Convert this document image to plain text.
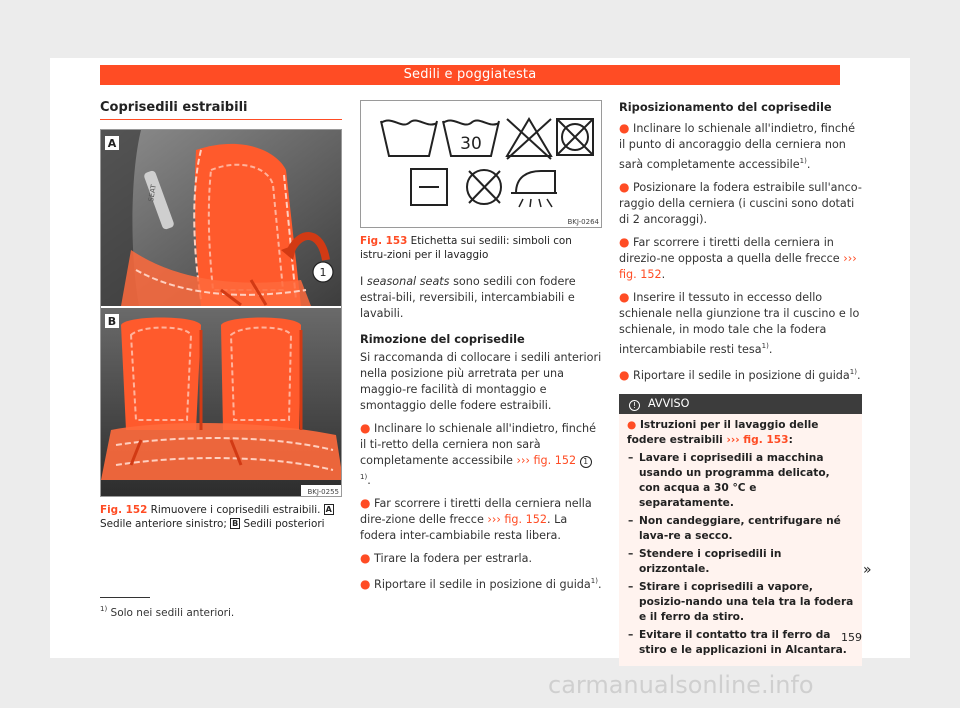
Sedili e poggiatesta
Coprisedili estraibili
SEAT
1
A
B
BKJ-0255
Fig. 152 Rimuovere i coprisedili estraibili. A Sedile anteriore sinistro; B Sedili posteriori
30
BKJ-0264
Fig. 153 Etichetta sui sedili: simboli con istru-zioni per il lavaggio
I seasonal seats sono sedili con fodere estrai-bili, reversibili, intercambiabili e lavabili.
Rimozione del coprisedile
Si raccomanda di collocare i sedili anteriori nella posizione più arretrata per una maggio-re facilità di montaggio e smontaggio delle fodere estraibili.
● Inclinare lo schienale all'indietro, finché il ti-retto della cerniera non sarà completamente accessibile ››› fig. 152 1$^{1)}$.
● Far scorrere i tiretti della cerniera nella dire-zione delle frecce ››› fig. 152. La fodera inter-cambiabile resta libera.
● Tirare la fodera per estrarla.
● Riportare il sedile in posizione di guida$^{1)}$.
Riposizionamento del coprisedile
● Inclinare lo schienale all'indietro, finché il punto di ancoraggio della cerniera non sarà completamente accessibile$^{1)}$.
● Posizionare la fodera estraibile sull'anco-raggio della cerniera (i cuscini sono dotati di 2 ancoraggi).
● Far scorrere i tiretti della cerniera in direzio-ne opposta a quella delle frecce ››› fig. 152.
● Inserire il tessuto in eccesso dello schienale nella giunzione tra il cuscino e lo schienale, in modo tale che la fodera intercambiabile resti tesa$^{1)}$.
● Riportare il sedile in posizione di guida$^{1)}$.
! AVVISO
● Istruzioni per il lavaggio delle fodere estraibili ››› fig. 153:
– Lavare i coprisedili a macchina usando un programma delicato, con acqua a 30 °C e separatamente.
– Non candeggiare, centrifugare né lava-re a secco.
– Stendere i coprisedili in orizzontale.
– Stirare i coprisedili a vapore, posizio-nando una tela tra la fodera e il ferro da stiro.
– Evitare il contatto tra il ferro da stiro e le applicazioni in Alcantara.
»
$^{1)}$ Solo nei sedili anteriori.
159
carmanualsonline.info
